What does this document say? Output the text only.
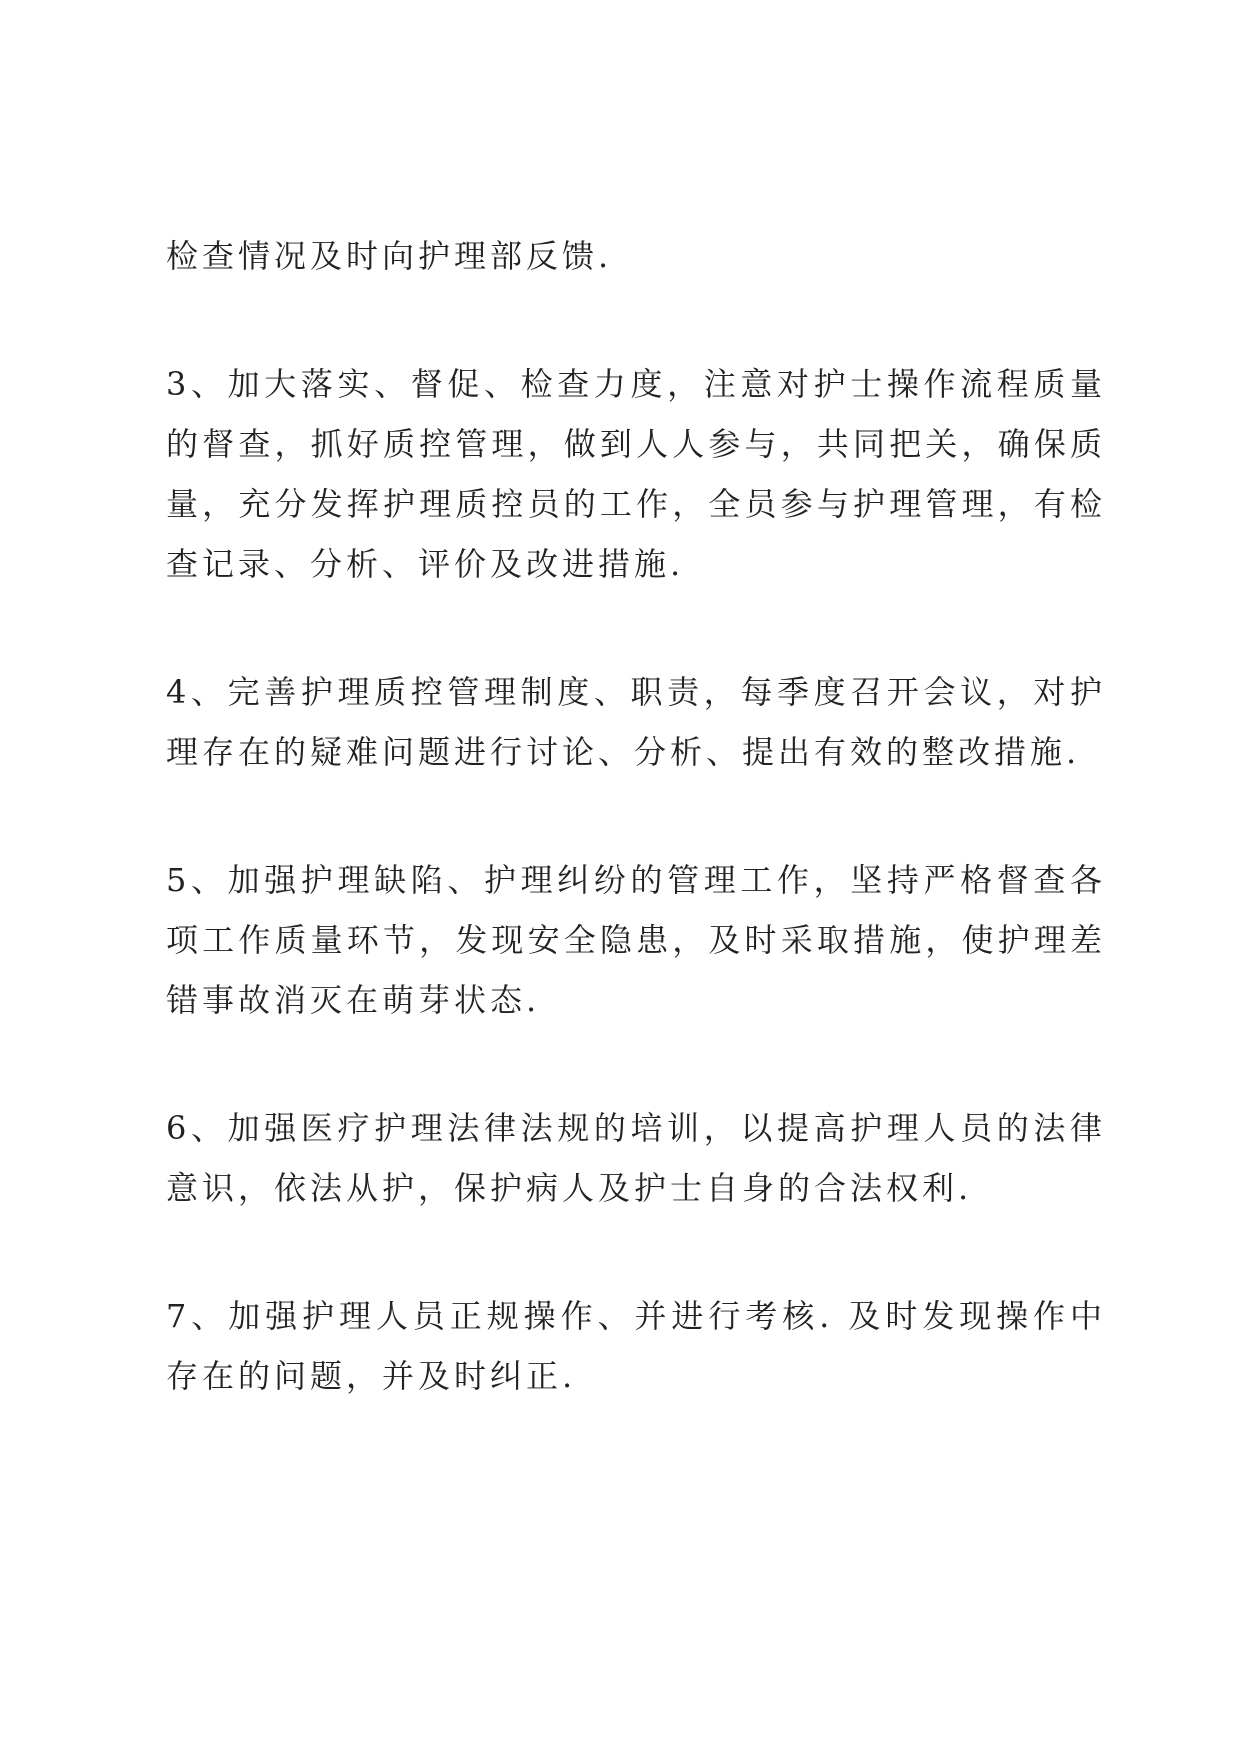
检查情况及时向护理部反馈.

3、加大落实、督促、检查力度，注意对护士操作流程质量的督查，抓好质控管理，做到人人参与，共同把关，确保质量，充分发挥护理质控员的工作，全员参与护理管理，有检查记录、分析、评价及改进措施.

4、完善护理质控管理制度、职责，每季度召开会议，对护理存在的疑难问题进行讨论、分析、提出有效的整改措施.

5、加强护理缺陷、护理纠纷的管理工作，坚持严格督查各项工作质量环节，发现安全隐患，及时采取措施，使护理差错事故消灭在萌芽状态.

6、加强医疗护理法律法规的培训，以提高护理人员的法律意识，依法从护，保护病人及护士自身的合法权利.

7、加强护理人员正规操作、并进行考核. 及时发现操作中存在的问题，并及时纠正.
